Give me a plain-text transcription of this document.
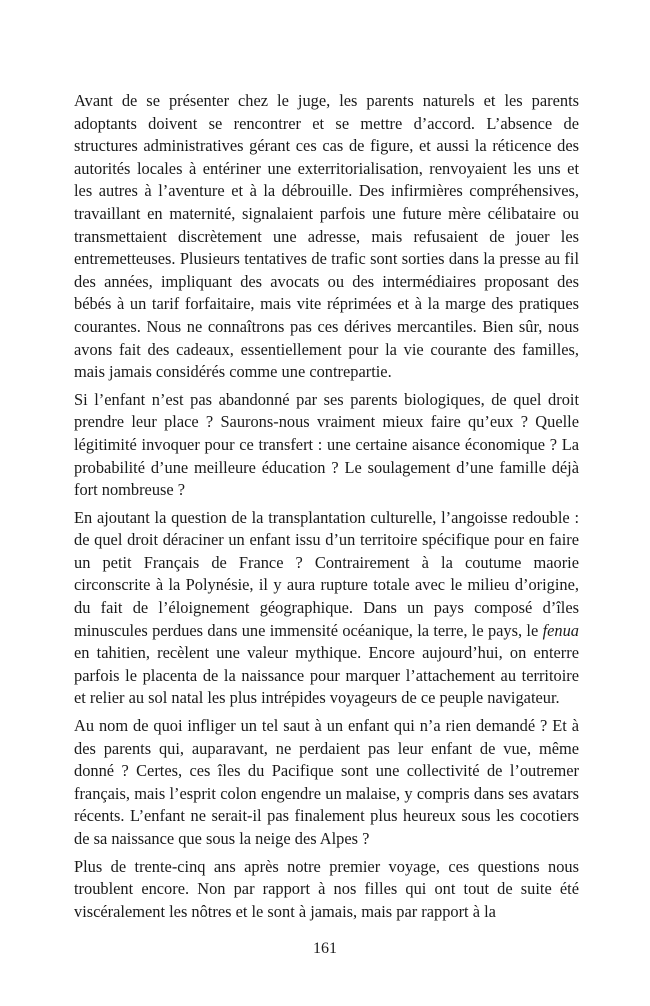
Avant de se présenter chez le juge, les parents naturels et les parents adoptants doivent se rencontrer et se mettre d’accord. L’absence de structures administratives gérant ces cas de figure, et aussi la réticence des autorités locales à entériner une exterritorialisation, renvoyaient les uns et les autres à l’aventure et à la débrouille. Des infirmières compréhensives, travaillant en maternité, signalaient parfois une future mère célibataire ou transmettaient discrètement une adresse, mais refusaient de jouer les entremetteuses. Plusieurs tentatives de trafic sont sorties dans la presse au fil des années, impliquant des avocats ou des intermédiaires proposant des bébés à un tarif forfaitaire, mais vite réprimées et à la marge des pratiques courantes. Nous ne connaîtrons pas ces dérives mercantiles. Bien sûr, nous avons fait des cadeaux, essentiellement pour la vie courante des familles, mais jamais considérés comme une contrepartie.

Si l’enfant n’est pas abandonné par ses parents biologiques, de quel droit prendre leur place ? Saurons-nous vraiment mieux faire qu’eux ? Quelle légitimité invoquer pour ce transfert : une certaine aisance économique ? La probabilité d’une meilleure éducation ? Le soulagement d’une famille déjà fort nombreuse ?

En ajoutant la question de la transplantation culturelle, l’angoisse redouble : de quel droit déraciner un enfant issu d’un territoire spécifique pour en faire un petit Français de France ? Contrairement à la coutume maorie circonscrite à la Polynésie, il y aura rupture totale avec le milieu d’origine, du fait de l’éloignement géographique. Dans un pays composé d’îles minuscules perdues dans une immensité océanique, la terre, le pays, le fenua en tahitien, recèlent une valeur mythique. Encore aujourd’hui, on enterre parfois le placenta de la naissance pour marquer l’attachement au territoire et relier au sol natal les plus intrépides voyageurs de ce peuple navigateur.

Au nom de quoi infliger un tel saut à un enfant qui n’a rien demandé ? Et à des parents qui, auparavant, ne perdaient pas leur enfant de vue, même donné ? Certes, ces îles du Pacifique sont une collectivité de l’outremer français, mais l’esprit colon engendre un malaise, y compris dans ses avatars récents. L’enfant ne serait-il pas finalement plus heureux sous les cocotiers de sa naissance que sous la neige des Alpes ?

Plus de trente-cinq ans après notre premier voyage, ces questions nous troublent encore. Non par rapport à nos filles qui ont tout de suite été viscéralement les nôtres et le sont à jamais, mais par rapport à la

161
